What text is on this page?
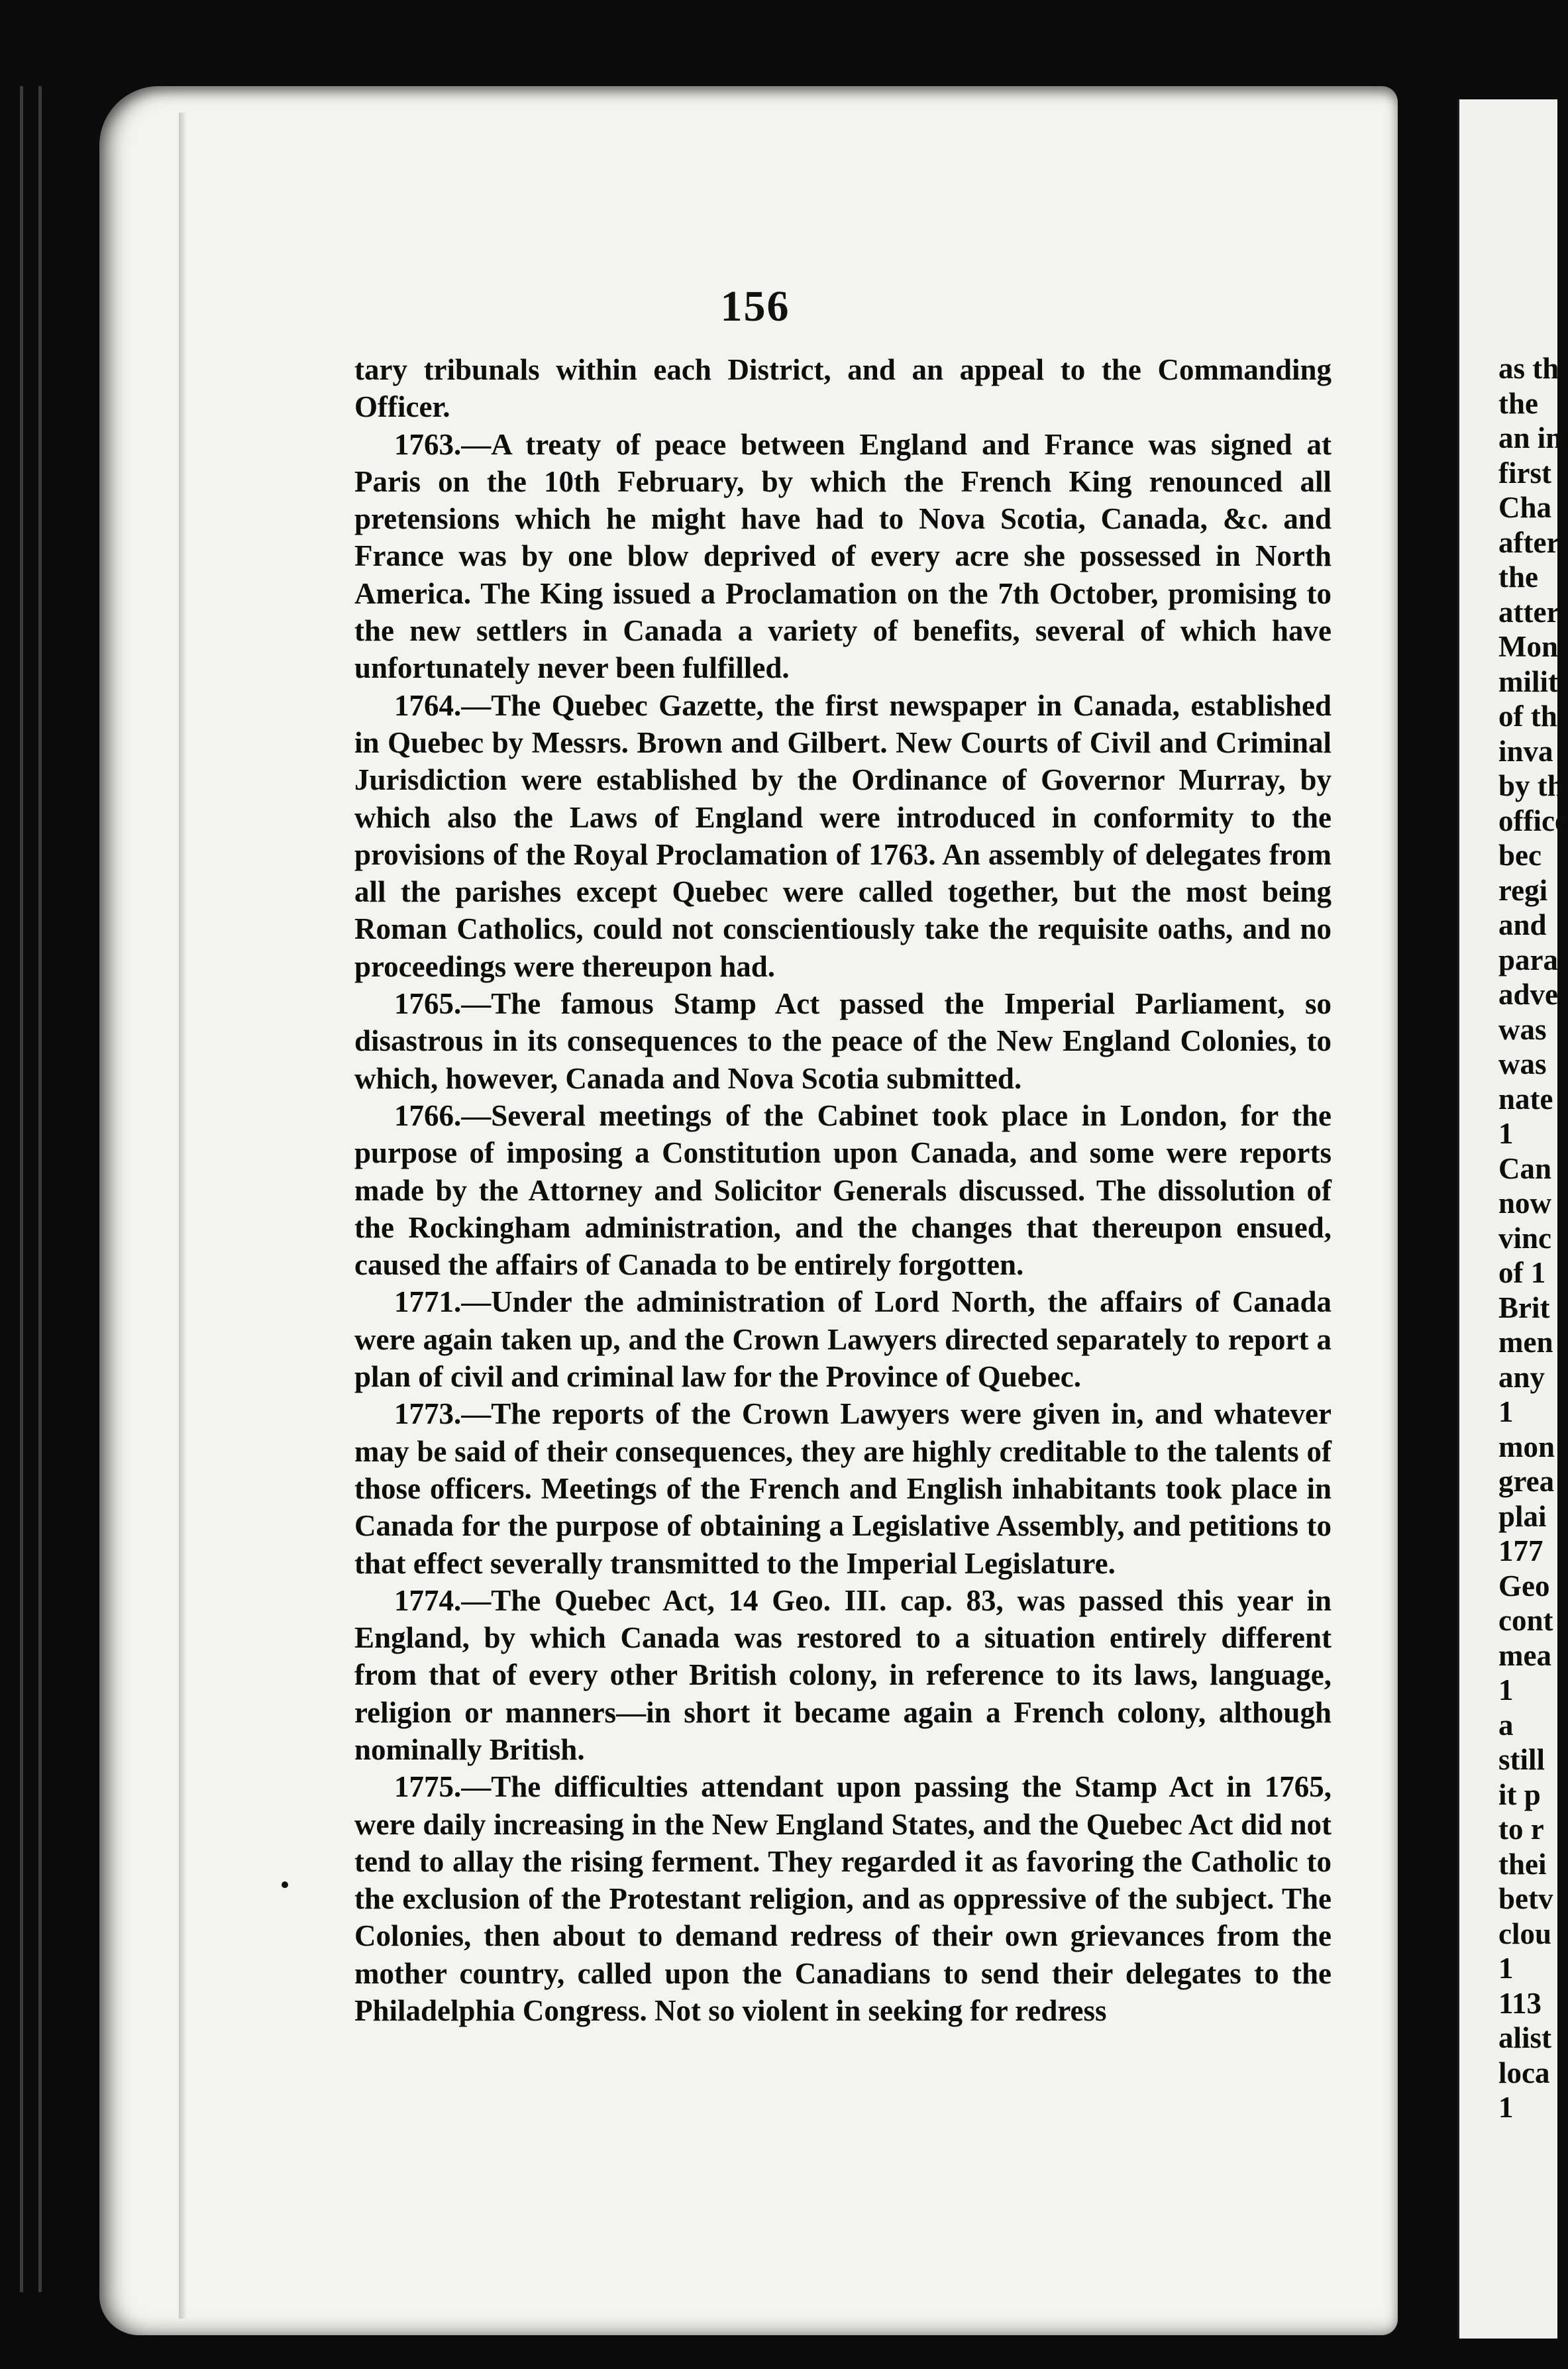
156

tary tribunals within each District, and an appeal to the Commanding Officer.

1763.—A treaty of peace between England and France was signed at Paris on the 10th February, by which the French King renounced all pretensions which he might have had to Nova Scotia, Canada, &c. and France was by one blow deprived of every acre she possessed in North America. The King issued a Proclamation on the 7th October, promising to the new settlers in Canada a variety of benefits, several of which have unfortunately never been fulfilled.

1764.—The Quebec Gazette, the first newspaper in Canada, established in Quebec by Messrs. Brown and Gilbert. New Courts of Civil and Criminal Jurisdiction were established by the Ordinance of Governor Murray, by which also the Laws of England were introduced in conformity to the provisions of the Royal Proclamation of 1763. An assembly of delegates from all the parishes except Quebec were called together, but the most being Roman Catholics, could not conscientiously take the requisite oaths, and no proceedings were thereupon had.

1765.—The famous Stamp Act passed the Imperial Parliament, so disastrous in its consequences to the peace of the New England Colonies, to which, however, Canada and Nova Scotia submitted.

1766.—Several meetings of the Cabinet took place in London, for the purpose of imposing a Constitution upon Canada, and some were reports made by the Attorney and Solicitor Generals discussed. The dissolution of the Rockingham administration, and the changes that thereupon ensued, caused the affairs of Canada to be entirely forgotten.

1771.—Under the administration of Lord North, the affairs of Canada were again taken up, and the Crown Lawyers directed separately to report a plan of civil and criminal law for the Province of Quebec.

1773.—The reports of the Crown Lawyers were given in, and whatever may be said of their consequences, they are highly creditable to the talents of those officers. Meetings of the French and English inhabitants took place in Canada for the purpose of obtaining a Legislative Assembly, and petitions to that effect severally transmitted to the Imperial Legislature.

1774.—The Quebec Act, 14 Geo. III. cap. 83, was passed this year in England, by which Canada was restored to a situation entirely different from that of every other British colony, in reference to its laws, language, religion or manners—in short it became again a French colony, although nominally British.

1775.—The difficulties attendant upon passing the Stamp Act in 1765, were daily increasing in the New England States, and the Quebec Act did not tend to allay the rising ferment. They regarded it as favoring the Catholic to the exclusion of the Protestant religion, and as oppressive of the subject. The Colonies, then about to demand redress of their own grievances from the mother country, called upon the Canadians to send their delegates to the Philadelphia Congress. Not so violent in seeking for redress

as th
the
an in
first
Cha
after
the
atter
Mon
milit
of th
inva
by th
office
bec
regi
and
para
adve
was
was
nate
1
Can
now
vinc
of 1
Brit
men
any
1
mon
grea
plai
177
Geo
cont
mea
1
a
still
it p
to r
thei
betv
clou
1
113
alist
loca
1
